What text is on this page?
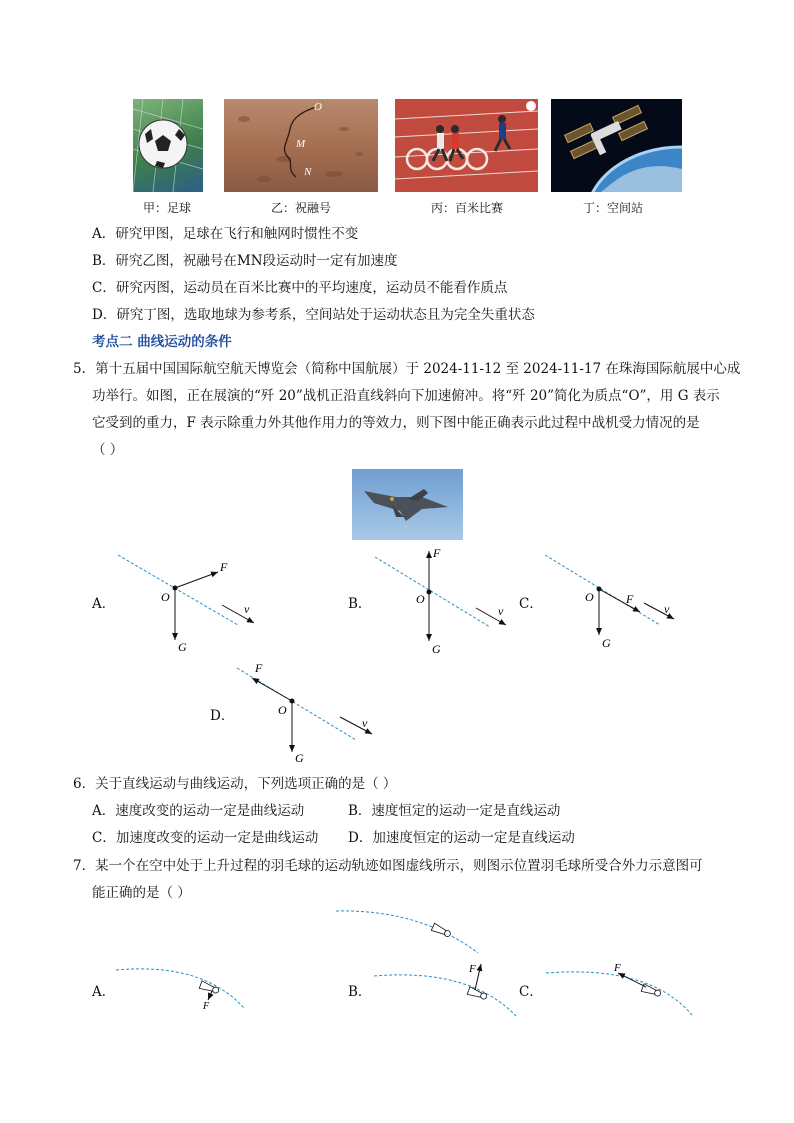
O
M
N
甲：足球	乙：祝融号	丙：百米比赛	丁：空间站
A．研究甲图，足球在飞行和触网时惯性不变
B．研究乙图，祝融号在MN段运动时一定有加速度
C．研究丙图，运动员在百米比赛中的平均速度，运动员不能看作质点
D．研究丁图，选取地球为参考系，空间站处于运动状态且为完全失重状态
考点二 曲线运动的条件
5．第十五届中国国际航空航天博览会（简称中国航展）于 2024-11-12 至 2024-11-17 在珠海国际航展中心成
功举行。如图，正在展演的“歼 20”战机正沿直线斜向下加速俯冲。将“歼 20”简化为质点“O”，用 G 表示
它受到的重力，F 表示除重力外其他作用力的等效力，则下图中能正确表示此过程中战机受力情况的是
（ ）
A．	O
F
G
v	B．	O
F
G
v C．	O	F
G
v
D．	O
F
G
v
6．关于直线运动与曲线运动，下列选项正确的是（ ）
A．速度改变的运动一定是曲线运动	B．速度恒定的运动一定是直线运动
C．加速度改变的运动一定是曲线运动 D．加速度恒定的运动一定是直线运动
7．某一个在空中处于上升过程的羽毛球的运动轨迹如图虚线所示，则图示位置羽毛球所受合外力示意图可
能正确的是（ ）
A．
F
B．
F
C．
F
